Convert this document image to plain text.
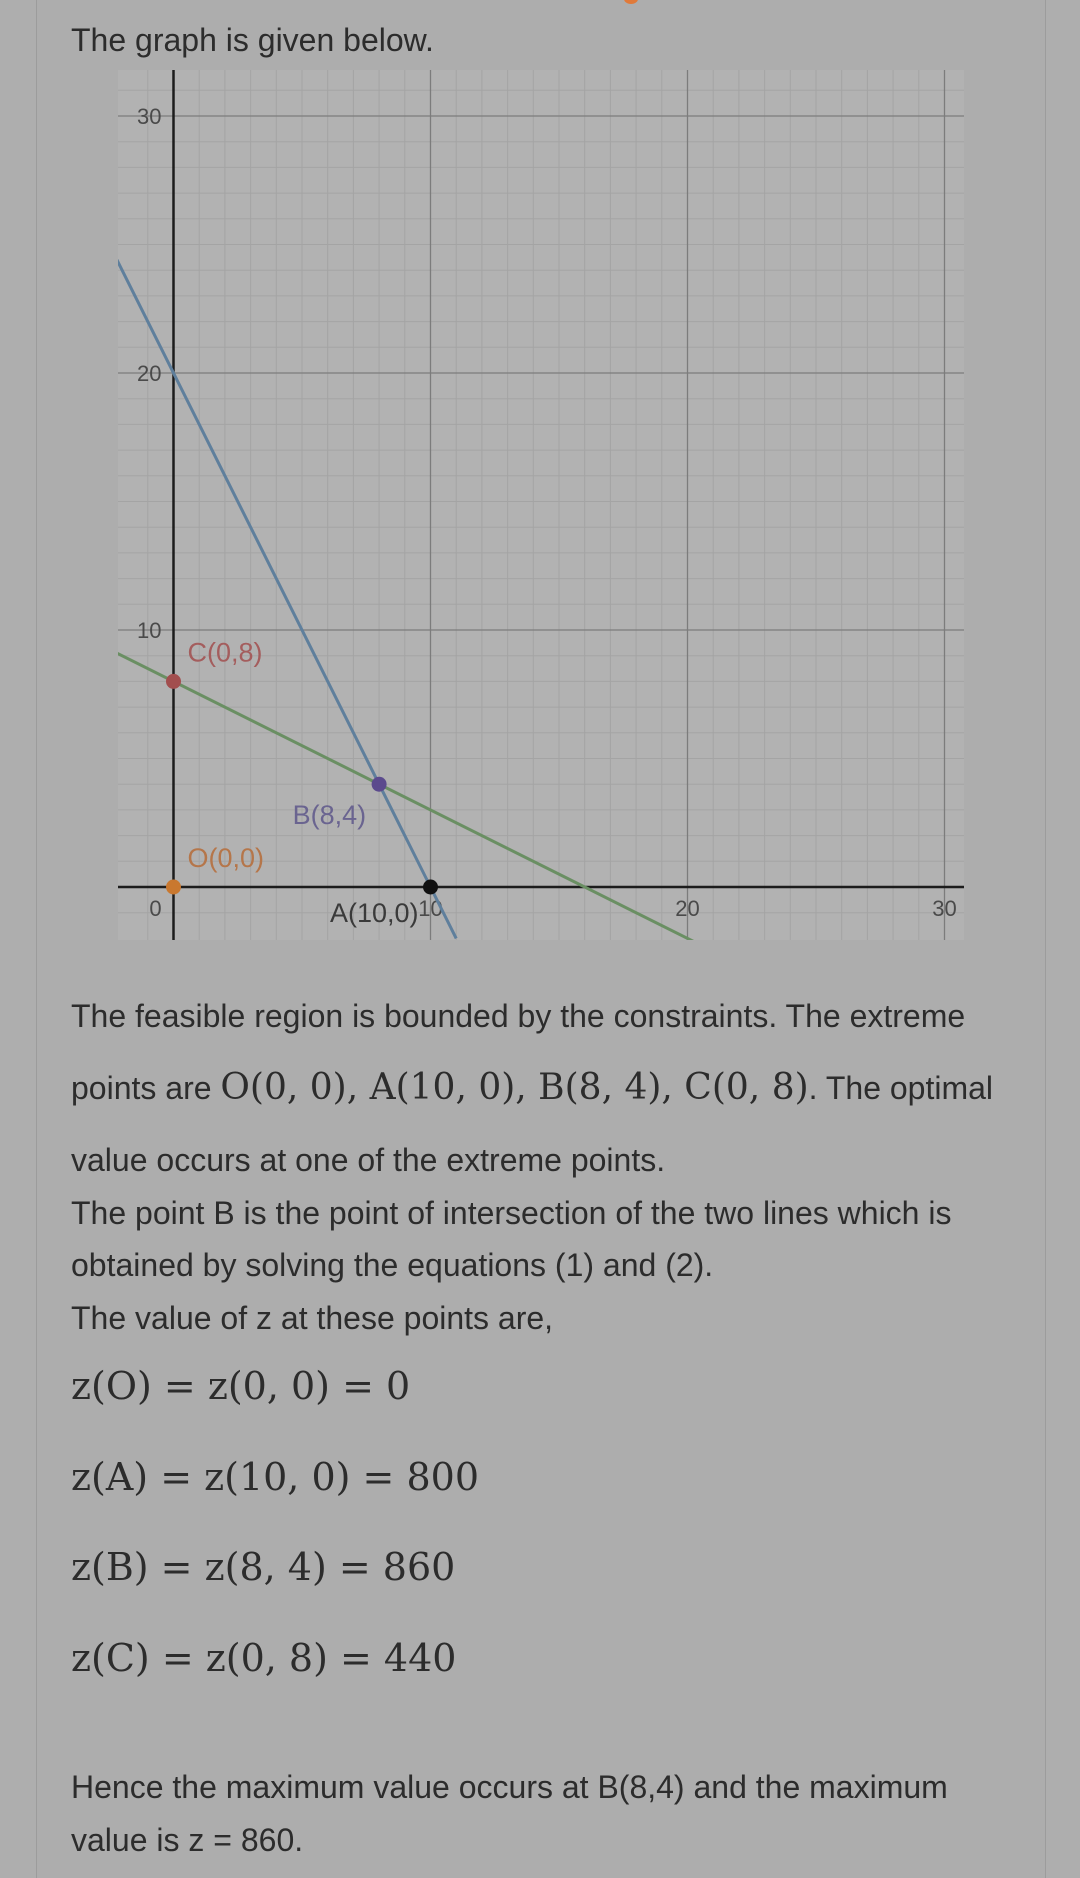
The graph is given below.
10
20
30
0	10	20	30
O(0,0)
A(10,0)
B(8,4)
C(0,8)
The feasible region is bounded by the constraints. The extreme
points are O(0, 0), A(10, 0), B(8, 4), C(0, 8). The optimal
value occurs at one of the extreme points.
The point B is the point of intersection of the two lines which is
obtained by solving the equations (1) and (2).
The value of z at these points are,
z(O) = z(0, 0) = 0
z(A) = z(10, 0) = 800
z(B) = z(8, 4) = 860
z(C) = z(0, 8) = 440
Hence the maximum value occurs at B(8,4) and the maximum
value is z = 860.
